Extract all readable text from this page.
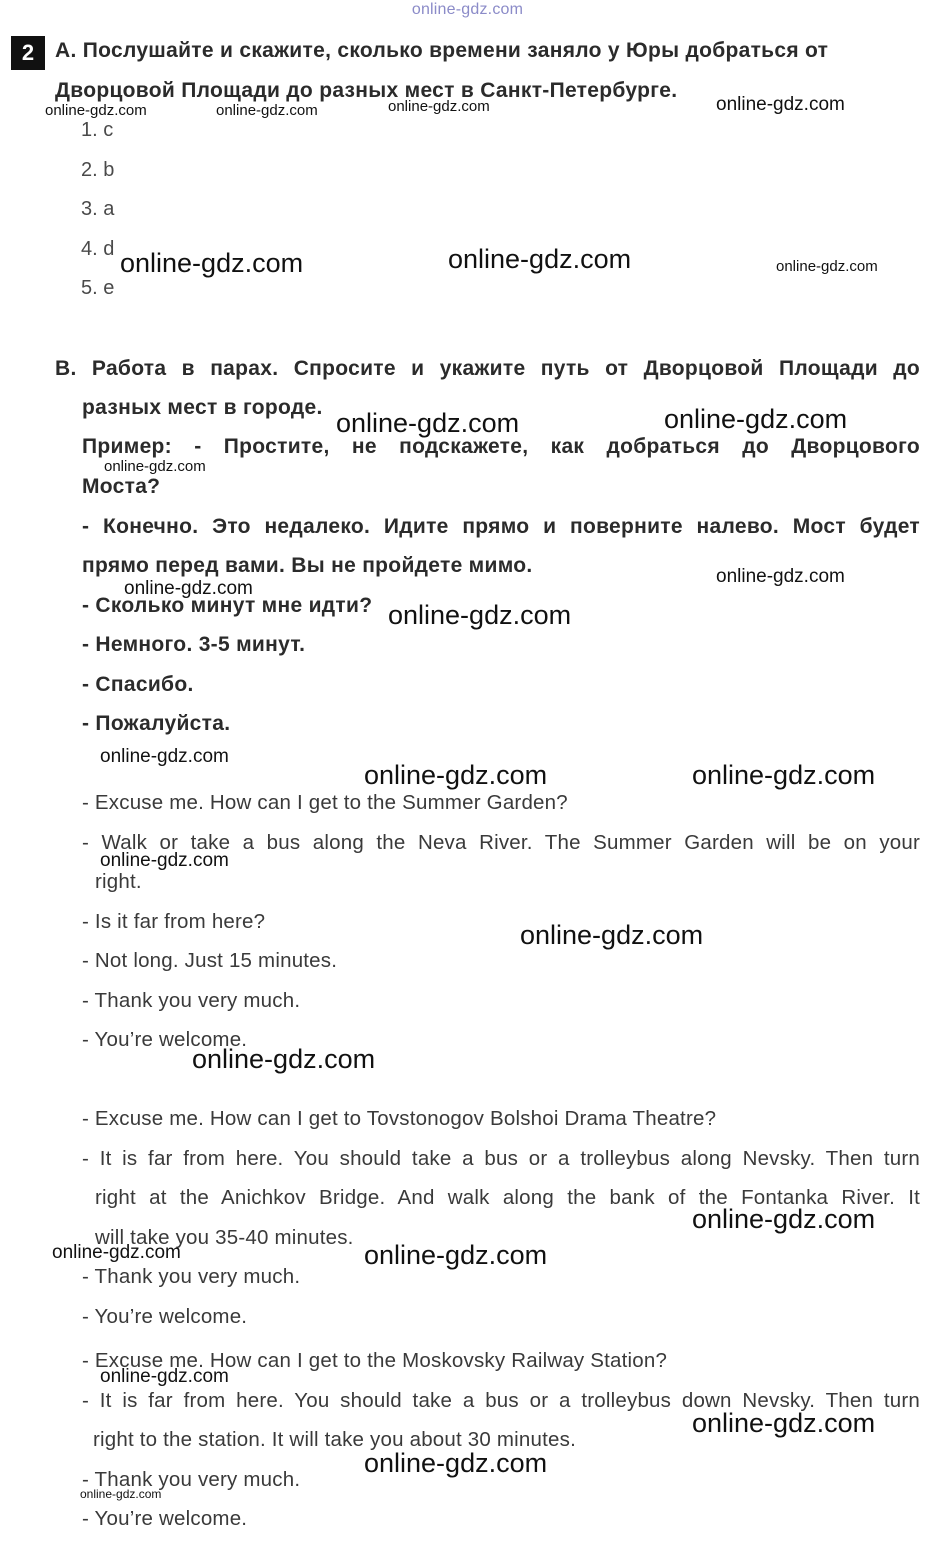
online-gdz.com
2 А. Послушайте и скажите, сколько времени заняло у Юры добраться от
Дворцовой Площади до разных мест в Санкт-Петербурге.
1. c
2. b
3. a
4. d
5. e
B. Работа в парах. Спросите и укажите путь от Дворцовой Площади до
разных мест в городе.
Пример: - Простите, не подскажете, как добраться до Дворцового
Моста?
- Конечно. Это недалеко. Идите прямо и поверните налево. Мост будет
прямо перед вами. Вы не пройдете мимо.
- Сколько минут мне идти?
- Немного. 3-5 минут.
- Спасибо.
- Пожалуйста.
- Excuse me. How can I get to the Summer Garden?
- Walk or take a bus along the Neva River. The Summer Garden will be on your
right.
- Is it far from here?
- Not long. Just 15 minutes.
- Thank you very much.
- You’re welcome.
- Excuse me. How can I get to Tovstonogov Bolshoi Drama Theatre?
- It is far from here. You should take a bus or a trolleybus along Nevsky. Then turn
right at the Anichkov Bridge. And walk along the bank of the Fontanka River. It
will take you 35-40 minutes.
- Thank you very much.
- You’re welcome.
- Excuse me. How can I get to the Moskovsky Railway Station?
- It is far from here. You should take a bus or a trolleybus down Nevsky. Then turn
right to the station. It will take you about 30 minutes.
- Thank you very much.
- You’re welcome.
online-gdz.com	online-gdz.com	online-gdz.com	online-gdz.com
online-gdz.com	online-gdz.com	online-gdz.com
online-gdz.com	online-gdz.com
online-gdz.com
online-gdz.com
online-gdz.com
online-gdz.com
online-gdz.com
online-gdz.com	online-gdz.com
online-gdz.com
online-gdz.com
online-gdz.com
online-gdz.com
online-gdz.com	online-gdz.com
online-gdz.com
online-gdz.com
online-gdz.com
online-gdz.com
